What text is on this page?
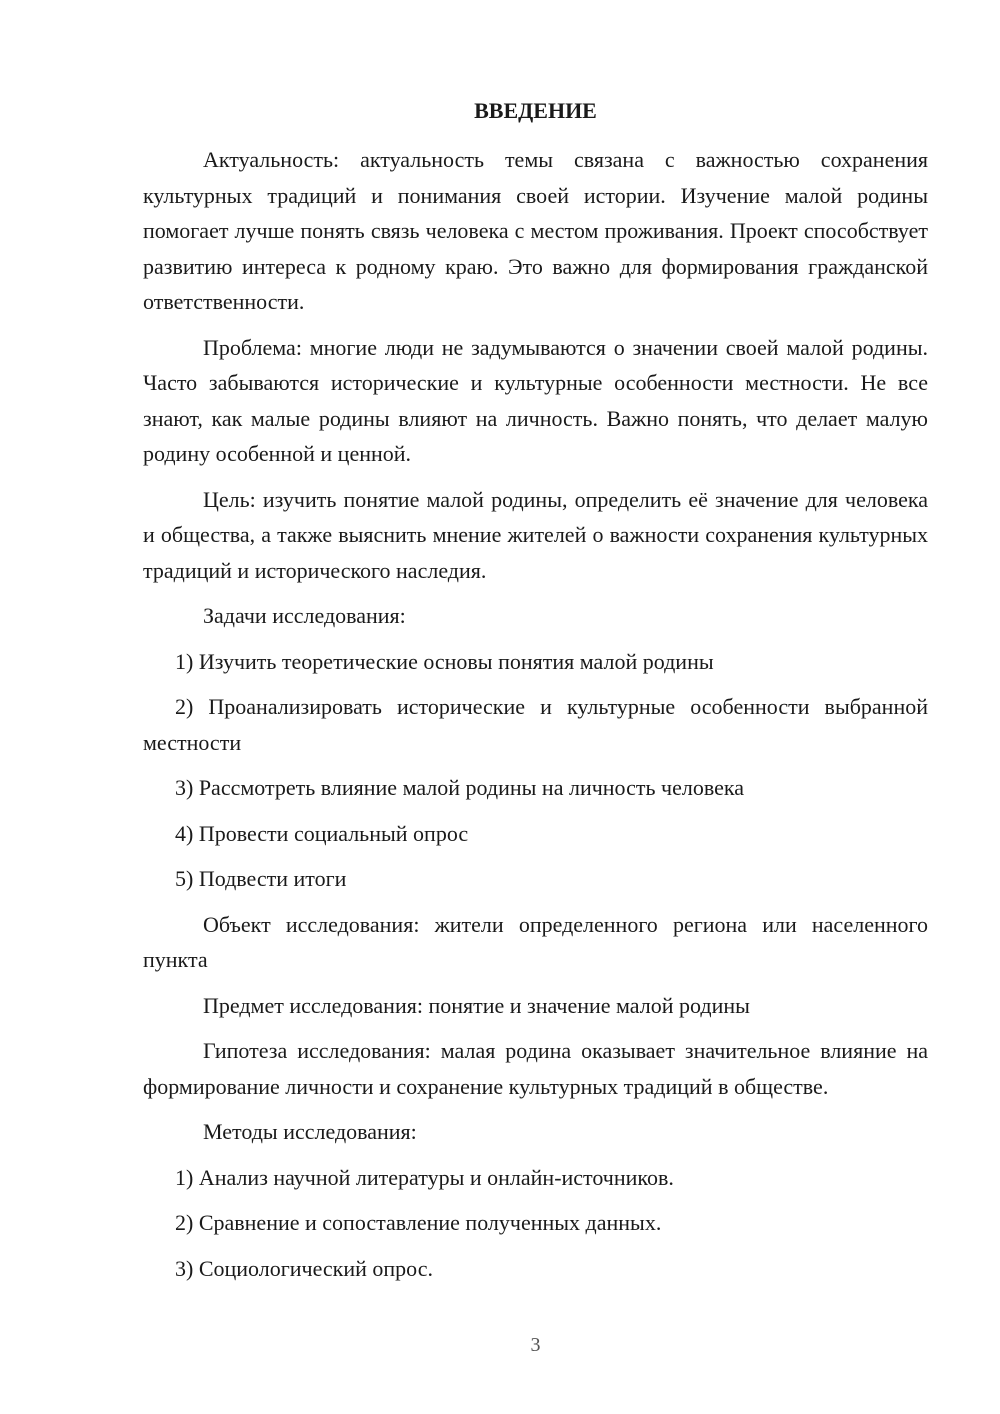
ВВЕДЕНИЕ

Актуальность: актуальность темы связана с важностью сохранения культурных традиций и понимания своей истории. Изучение малой родины помогает лучше понять связь человека с местом проживания. Проект способствует развитию интереса к родному краю. Это важно для формирования гражданской ответственности.

Проблема: многие люди не задумываются о значении своей малой родины. Часто забываются исторические и культурные особенности местности. Не все знают, как малые родины влияют на личность. Важно понять, что делает малую родину особенной и ценной.

Цель: изучить понятие малой родины, определить её значение для человека и общества, а также выяснить мнение жителей о важности сохранения культурных традиций и исторического наследия.

Задачи исследования:

1) Изучить теоретические основы понятия малой родины

2) Проанализировать исторические и культурные особенности выбранной местности

3) Рассмотреть влияние малой родины на личность человека

4) Провести социальный опрос

5) Подвести итоги

Объект исследования: жители определенного региона или населенного пункта

Предмет исследования: понятие и значение малой родины

Гипотеза исследования: малая родина оказывает значительное влияние на формирование личности и сохранение культурных традиций в обществе.

Методы исследования:

1) Анализ научной литературы и онлайн-источников.

2) Сравнение и сопоставление полученных данных.

3) Социологический опрос.

3
